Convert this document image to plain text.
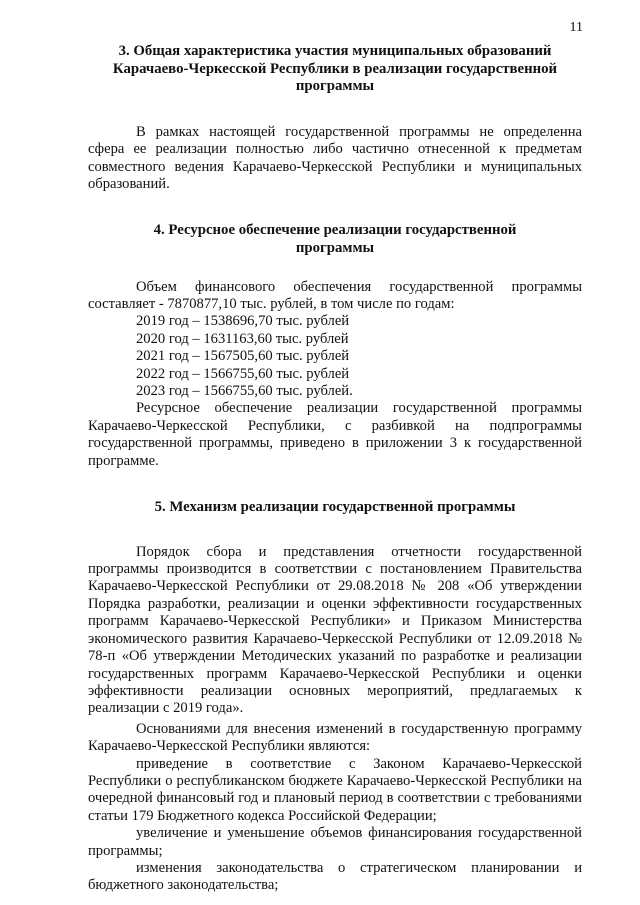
11
3. Общая характеристика участия муниципальных образований
Карачаево-Черкесской Республики в реализации государственной
программы

В рамках настоящей государственной программы не определенна сфера ее реализации полностью либо частично отнесенной к предметам совместного ведения Карачаево-Черкесской Республики и муниципальных образований.

4. Ресурсное обеспечение реализации государственной
программы

Объем финансового обеспечения государственной программы составляет - 7870877,10 тыс. рублей, в том числе по годам:

2019 год – 1538696,70 тыс. рублей
2020 год – 1631163,60 тыс. рублей
2021 год – 1567505,60 тыс. рублей
2022 год – 1566755,60 тыс. рублей
2023 год – 1566755,60 тыс. рублей.

Ресурсное обеспечение реализации государственной программы Карачаево-Черкесской Республики, с разбивкой на подпрограммы государственной программы, приведено в приложении 3 к государственной программе.

5. Механизм реализации государственной программы

Порядок сбора и представления отчетности государственной программы производится в соответствии с постановлением Правительства Карачаево-Черкесской Республики от 29.08.2018 № 208 «Об утверждении Порядка разработки, реализации и оценки эффективности государственных программ Карачаево-Черкесской Республики» и Приказом Министерства экономического развития Карачаево-Черкесской Республики от 12.09.2018 № 78-п «Об утверждении Методических указаний по разработке и реализации государственных программ Карачаево-Черкесской Республики и оценки эффективности реализации основных мероприятий, предлагаемых к реализации с 2019 года».

Основаниями для внесения изменений в государственную программу Карачаево-Черкесской Республики являются:

приведение в соответствие с Законом Карачаево-Черкесской Республики о республиканском бюджете Карачаево-Черкесской Республики на очередной финансовый год и плановый период в соответствии с требованиями статьи 179 Бюджетного кодекса Российской Федерации;

увеличение и уменьшение объемов финансирования государственной программы;

изменения законодательства о стратегическом планировании и бюджетного законодательства;
